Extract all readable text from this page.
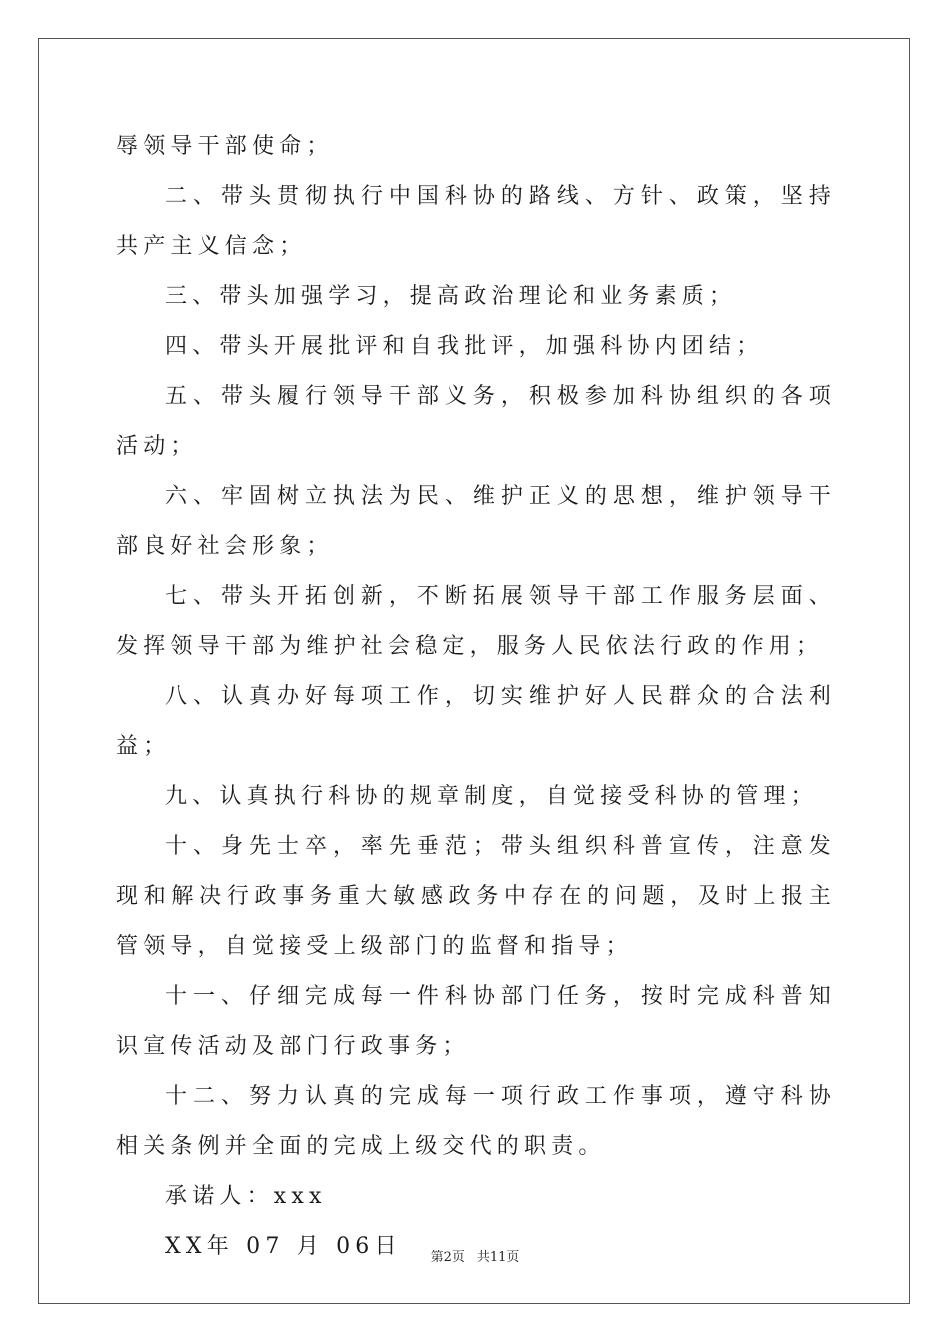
辱领导干部使命；

二、带头贯彻执行中国科协的路线、方针、政策，坚持共产主义信念；

三、带头加强学习，提高政治理论和业务素质；

四、带头开展批评和自我批评，加强科协内团结；

五、带头履行领导干部义务，积极参加科协组织的各项活动；

六、牢固树立执法为民、维护正义的思想，维护领导干部良好社会形象；

七、带头开拓创新，不断拓展领导干部工作服务层面、发挥领导干部为维护社会稳定，服务人民依法行政的作用；

八、认真办好每项工作，切实维护好人民群众的合法利益；

九、认真执行科协的规章制度，自觉接受科协的管理；

十、身先士卒，率先垂范；带头组织科普宣传，注意发现和解决行政事务重大敏感政务中存在的问题，及时上报主管领导，自觉接受上级部门的监督和指导；

十一、仔细完成每一件科协部门任务，按时完成科普知识宣传活动及部门行政事务；

十二、努力认真的完成每一项行政工作事项，遵守科协相关条例并全面的完成上级交代的职责。

承诺人：xxx

XX年 07 月 06日	第2页 共11页
